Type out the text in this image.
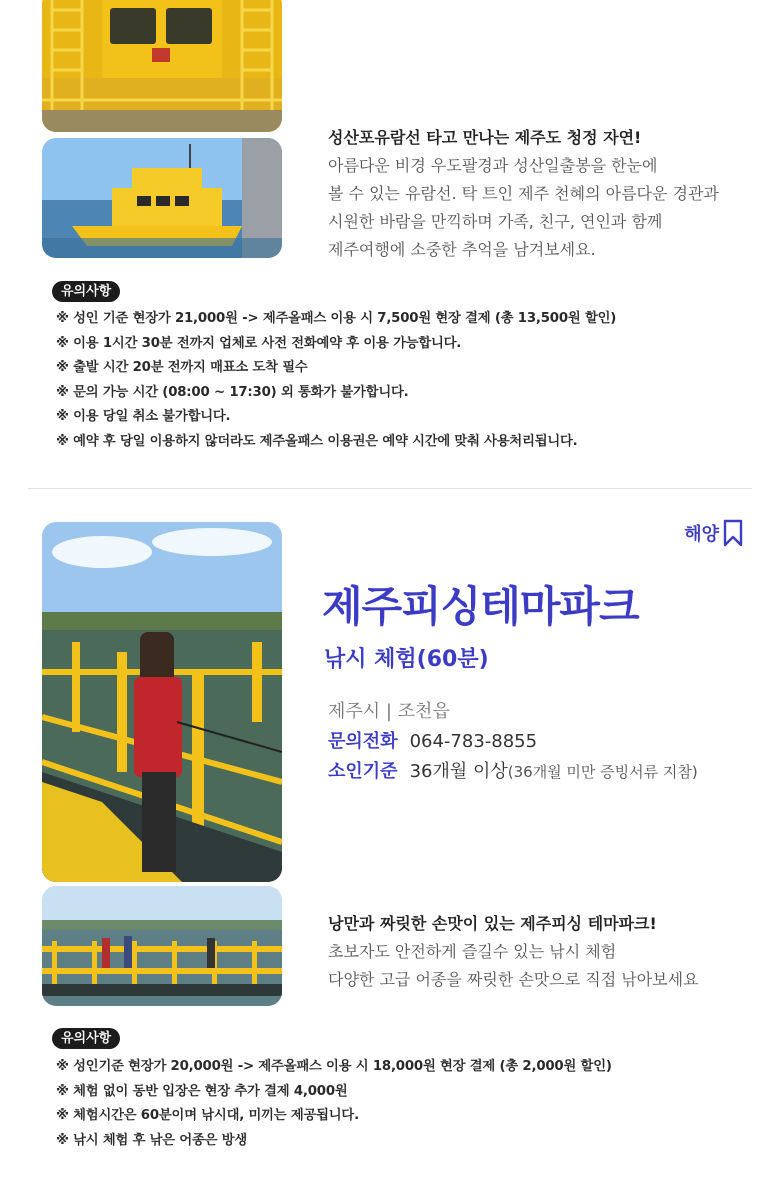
성산포유람선 타고 만나는 제주도 청정 자연!
아름다운 비경 우도팔경과 성산일출봉을 한눈에
볼 수 있는 유람선. 탁 트인 제주 천혜의 아름다운 경관과
시원한 바람을 만끽하며 가족, 친구, 연인과 함께
제주여행에 소중한 추억을 남겨보세요.
유의사항
※ 성인 기준 현장가 21,000원 -> 제주올패스 이용 시 7,500원 현장 결제 (총 13,500원 할인)
※ 이용 1시간 30분 전까지 업체로 사전 전화예약 후 이용 가능합니다.
※ 출발 시간 20분 전까지 매표소 도착 필수
※ 문의 가능 시간 (08:00 ~ 17:30) 외 통화가 불가합니다.
※ 이용 당일 취소 불가합니다.
※ 예약 후 당일 이용하지 않더라도 제주올패스 이용권은 예약 시간에 맞춰 사용처리됩니다.
해양
제주피싱테마파크
낚시 체험(60분)
제주시 | 조천읍
문의전화 064-783-8855
소인기준 36개월 이상(36개월 미만 증빙서류 지참)
낭만과 짜릿한 손맛이 있는 제주피싱 테마파크!
초보자도 안전하게 즐길수 있는 낚시 체험
다양한 고급 어종을 짜릿한 손맛으로 직접 낚아보세요
유의사항
※ 성인기준 현장가 20,000원 -> 제주올패스 이용 시 18,000원 현장 결제 (총 2,000원 할인)
※ 체험 없이 동반 입장은 현장 추가 결제 4,000원
※ 체험시간은 60분이며 낚시대, 미끼는 제공됩니다.
※ 낚시 체험 후 낚은 어종은 방생
